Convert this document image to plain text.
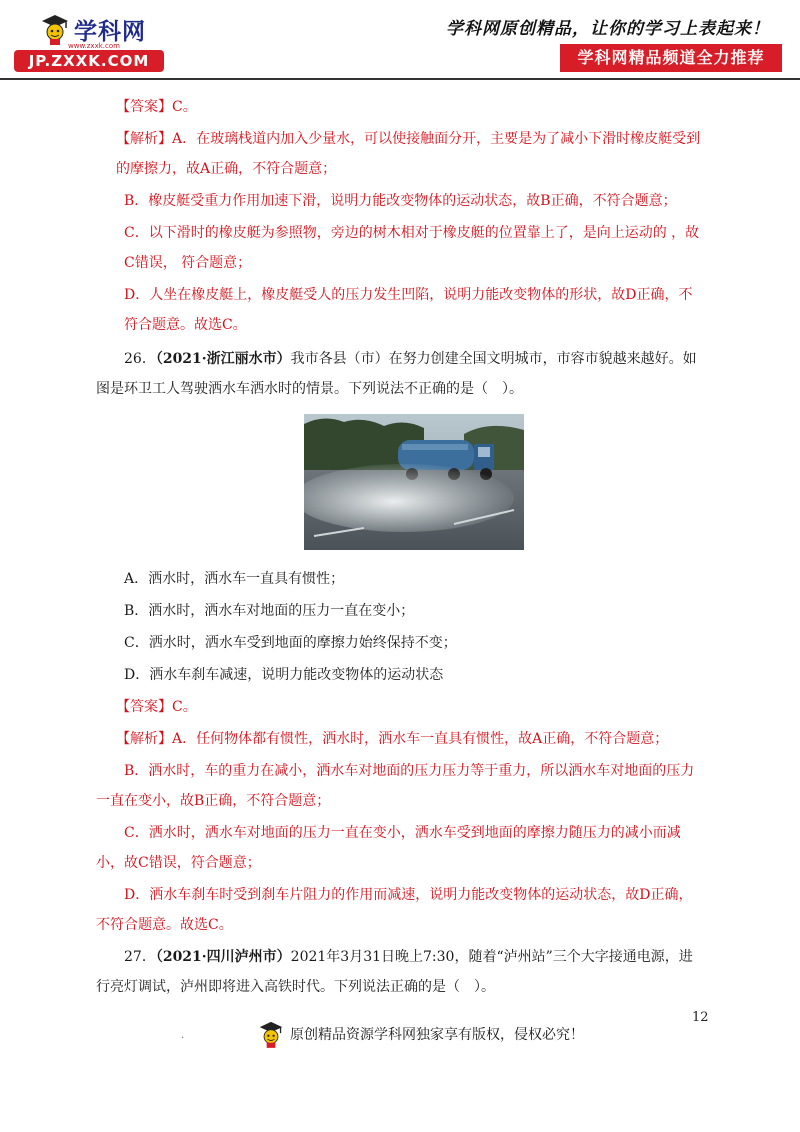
学科网
www.zxxk.com
JP.ZXXK.COM
学科网原创精品，让你的学习上表起来！
学科网精品频道全力推荐

【答案】C。

【解析】A．在玻璃栈道内加入少量水，可以使接触面分开，主要是为了减小下滑时橡皮艇受到的摩擦力，故A正确，不符合题意；

B．橡皮艇受重力作用加速下滑，说明力能改变物体的运动状态，故B正确，不符合题意；

C．以下滑时的橡皮艇为参照物，旁边的树木相对于橡皮艇的位置靠上了，是向上运动的 ，故C错误， 符合题意；

D．人坐在橡皮艇上，橡皮艇受人的压力发生凹陷，说明力能改变物体的形状，故D正确，不符合题意。故选C。

26．（2021·浙江丽水市）我市各县（市）在努力创建全国文明城市，市容市貌越来越好。如图是环卫工人驾驶洒水车洒水时的情景。下列说法不正确的是（　）。

A．洒水时，洒水车一直具有惯性；

B．洒水时，洒水车对地面的压力一直在变小；

C．洒水时，洒水车受到地面的摩擦力始终保持不变；

D．洒水车刹车减速，说明力能改变物体的运动状态

【答案】C。

【解析】A．任何物体都有惯性，洒水时，洒水车一直具有惯性，故A正确，不符合题意；

B．洒水时，车的重力在减小，洒水车对地面的压力压力等于重力，所以洒水车对地面的压力一直在变小，故B正确，不符合题意；

C．洒水时，洒水车对地面的压力一直在变小，洒水车受到地面的摩擦力随压力的减小而减小，故C错误，符合题意；

D．洒水车刹车时受到刹车片阻力的作用而减速，说明力能改变物体的运动状态，故D正确，不符合题意。故选C。

27．（2021·四川泸州市）2021年3月31日晚上7:30，随着“泸州站”三个大字接通电源，进行亮灯调试，泸州即将进入高铁时代。下列说法正确的是（　）。

12
.	原创精品资源学科网独家享有版权，侵权必究！
